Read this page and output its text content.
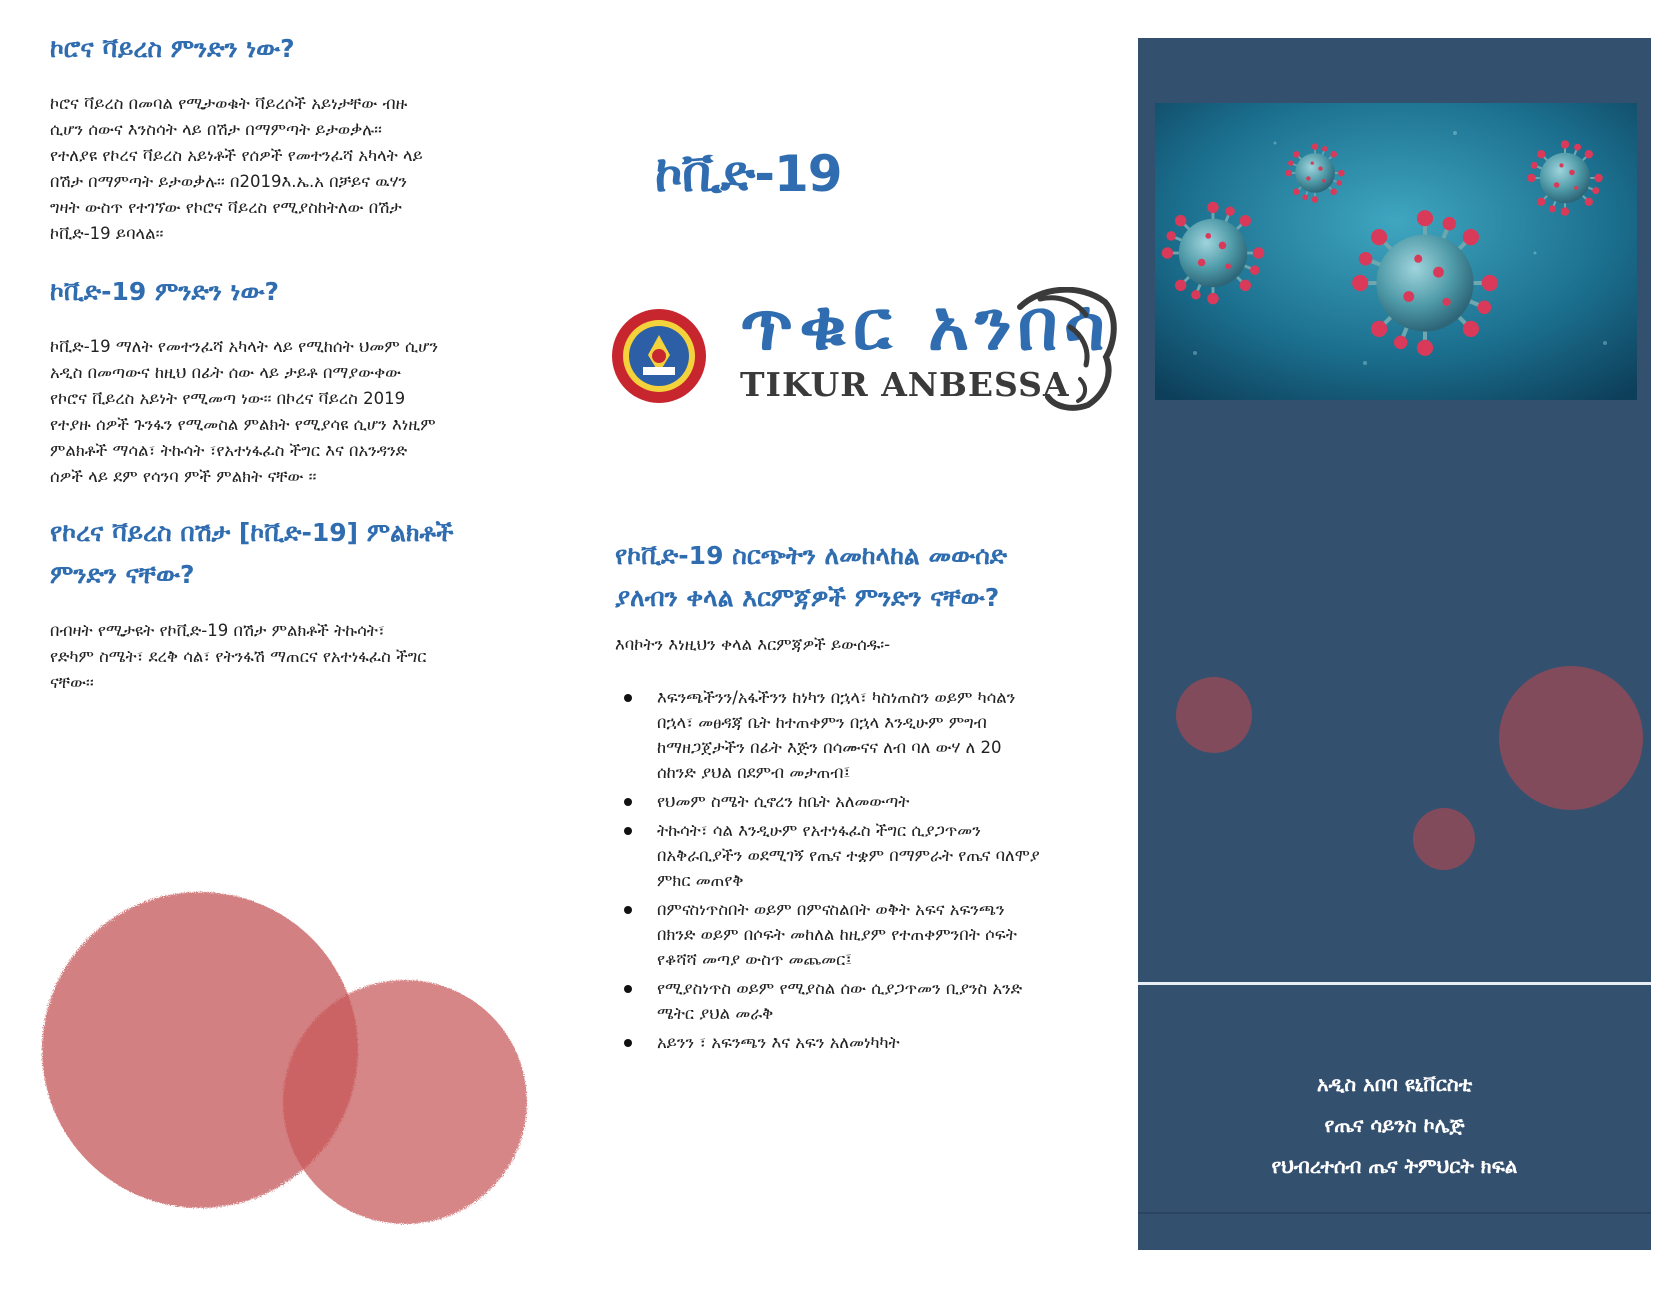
ኮሮና ቫይረስ ምንድን ነው?
ኮሮና ቫይረስ በመባል የሚታወቁት ቫይረሶች አይነታቸው ብዙ
ሲሆን ሰውና እንስሳት ላይ በሽታ በማምጣት ይታወቃሉ፡፡
የተለያዩ የኮረና ቫይረስ አይነቶች የሰዎች የመተንፈሻ አካላት ላይ
በሽታ በማምጣት ይታወቃሉ፡፡ በ2019እ.ኤ.አ በቻይና ዉሃን
ግዛት ውስጥ የተገኘው የኮሮና ቫይረስ የሚያስከትለው በሽታ
ኮቪድ-19 ይባላል፡፡
ኮቪድ-19 ምንድን ነው?
ኮቪድ-19 ማለት የመተንፈሻ አካላት ላይ የሚከሰት ህመም ሲሆን
አዲስ በመጣውና ከዚህ በፊት ሰው ላይ ታይቶ በማያውቀው
የኮሮና ቪይረስ አይነት የሚመጣ ነው፡፡ በኮረና ቫይረስ 2019
የተያዙ ሰዎች ጉንፋን የሚመስል ምልክት የሚያሳዩ ሲሆን እነዚም
ምልክቶች ማሳል፣ ትኩሳት ፣የአተነፋፈስ ችግር እና በአንዳንድ
ሰዎች ላይ ደም የሳንባ ምች ምልክት ናቸው ፡፡
የኮረና ቫይረስ በሽታ [ኮቪድ-19] ምልክቶች
ምንድን ናቸው?
በብዛት የሚታዩት የኮቪድ-19 በሽታ ምልክቶች ትኩሳት፣
የድካም ስሜት፣ ደረቅ ሳል፣ የትንፋሽ ማጠርና የአተነፋፈስ ችግር
ናቸው፡፡
ኮቪድ-19
ጥቁር አንበሳ
TIKUR ANBESSA
የኮቪድ-19 ስርጭትን ለመከላከል መውሰድ
ያለብን ቀላል እርምጃዎች ምንድን ናቸው?
እባኮትን እነዚህን ቀላል እርምጃዎች ይውሰዱ፡-
እፍንጫችንን/አፋችንን ከነካን በኋላ፣ ካስነጠስን ወይም ካሳልን
በኋላ፣ መፀዳጃ ቤት ከተጠቀምን በኋላ እንዲሁም ምግብ
ከማዘጋጀታችን በፊት እጅን በሳሙናና ለብ ባለ ውሃ ለ 20
ሰከንድ ያህል በደምብ መታጠብ፤
የህመም ስሜት ሲኖረን ከቤት አለመውጣት
ትኩሳት፣ ሳል እንዲሁም የአተነፋፈስ ችግር ሲያጋጥመን
በአቅራቢያችን ወደሚገኝ የጤና ተቋም በማምራት የጤና ባለሞያ
ምክር መጠየቅ
በምናስነጥስበት ወይም በምናስልበት ወቅት አፍና አፍንጫን
በክንድ ወይም በሶፍት መከለል ከዚያም የተጠቀምንበት ሶፍት
የቆሻሻ መጣያ ውስጥ መጨመር፤
የሚያስነጥስ ወይም የሚያስል ሰው ሲያጋጥመን ቢያንስ አንድ
ሜትር ያህል መራቅ
አይንን ፣ አፍንጫን እና አፍን አለመነካካት
አዲስ አበባ ዩኒቨርስቲ
የጤና ሳይንስ ኮሌጅ
የህብረተሰብ ጤና ትምህርት ክፍል
